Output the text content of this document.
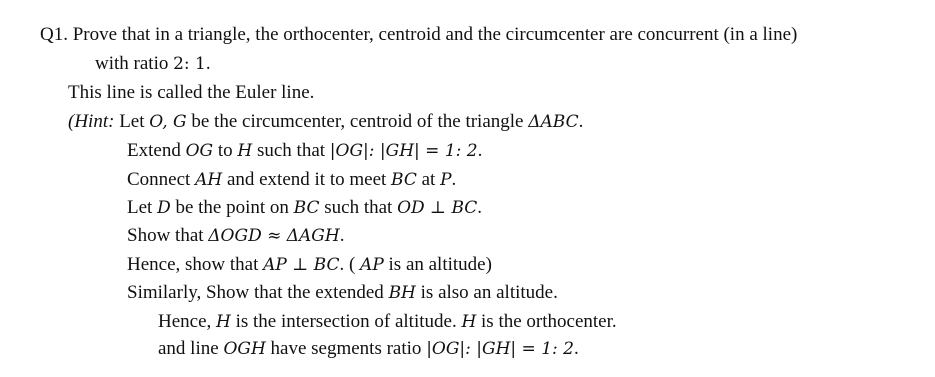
Q1. Prove that in a triangle, the orthocenter, centroid and the circumcenter are concurrent (in a line)
with ratio 2: 1.
This line is called the Euler line.
(Hint: Let O, G be the circumcenter, centroid of the triangle ΔABC.
Extend OG to H such that |OG|: |GH| = 1: 2.
Connect AH and extend it to meet BC at P.
Let D be the point on BC such that OD ⊥ BC.
Show that ΔOGD ≈ ΔAGH.
Hence, show that AP ⊥ BC. ( AP is an altitude)
Similarly, Show that the extended BH is also an altitude.
Hence, H is the intersection of altitude. H is the orthocenter.
and line OGH have segments ratio |OG|: |GH| = 1: 2.
